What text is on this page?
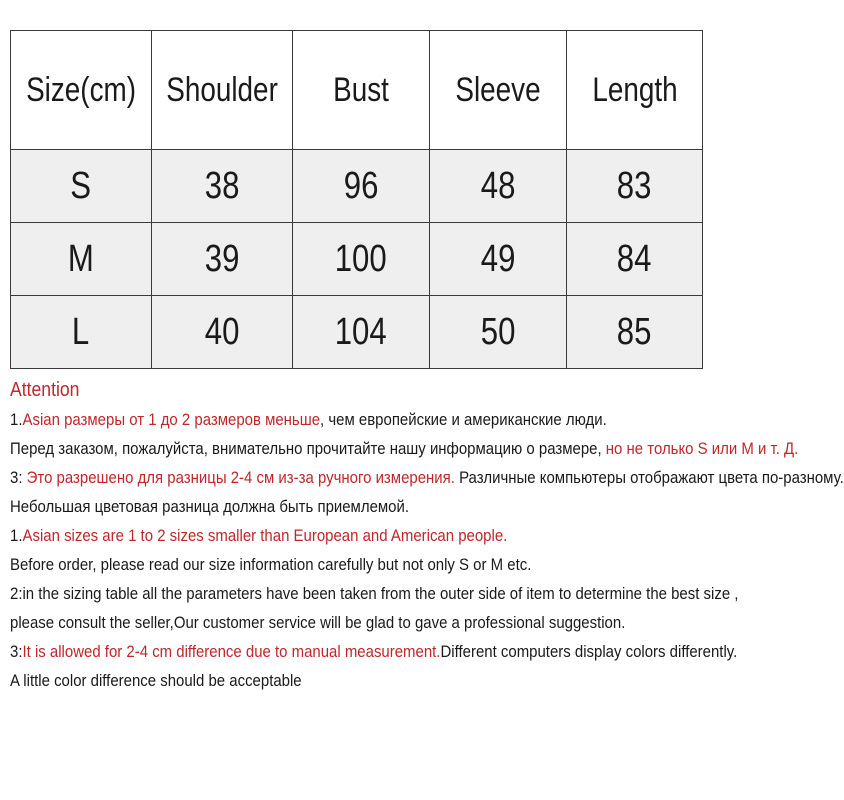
Size(cm)	Shoulder	Bust	Sleeve	Length
S	38	96	48	83
M	39	100	49	84
L	40	104	50	85
Attention
1.Asian размеры от 1 до 2 размеров меньше, чем европейские и американские люди.
Перед заказом, пожалуйста, внимательно прочитайте нашу информацию о размере, но не только S или M и т. Д.
3: Это разрешено для разницы 2-4 см из-за ручного измерения. Различные компьютеры отображают цвета по-разному.
Небольшая цветовая разница должна быть приемлемой.
1.Asian sizes are 1 to 2 sizes smaller than European and American people.
Before order, please read our size information carefully but not only S or M etc.
2:in the sizing table all the parameters have been taken from the outer side of item to determine the best size ,
please consult the seller,Our customer service will be glad to gave a professional suggestion.
3:It is allowed for 2-4 cm difference due to manual measurement.Different computers display colors differently.
A little color difference should be acceptable
